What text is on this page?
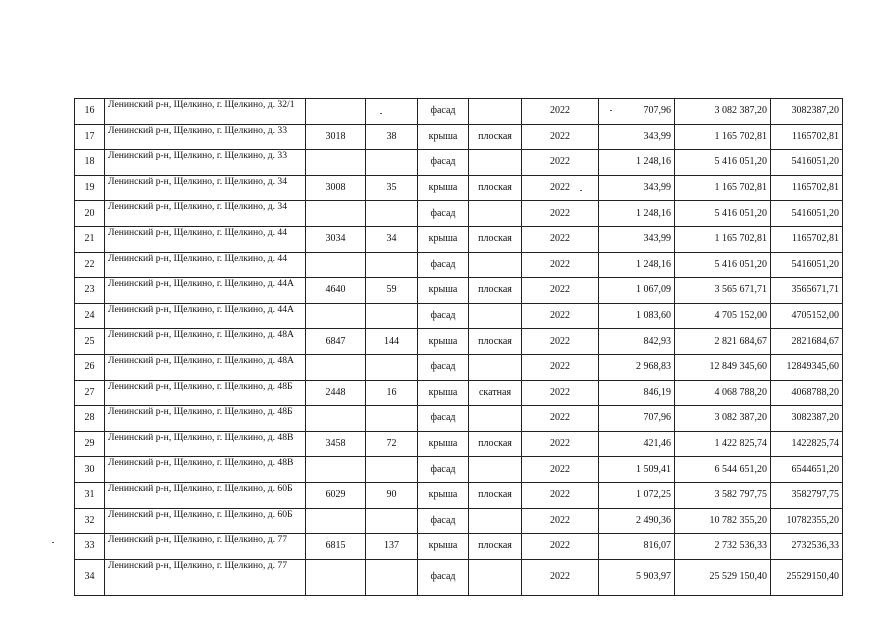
16	Ленинский р-н, Щелкино, г. Щелкино, д. 32/1			фасад		2022	707,96	3 082 387,20	3082387,20
17	Ленинский р-н, Щелкино, г. Щелкино, д. 33	3018	38	крыша	плоская	2022	343,99	1 165 702,81	1165702,81
18	Ленинский р-н, Щелкино, г. Щелкино, д. 33			фасад		2022	1 248,16	5 416 051,20	5416051,20
19	Ленинский р-н, Щелкино, г. Щелкино, д. 34	3008	35	крыша	плоская	2022	343,99	1 165 702,81	1165702,81
20	Ленинский р-н, Щелкино, г. Щелкино, д. 34			фасад		2022	1 248,16	5 416 051,20	5416051,20
21	Ленинский р-н, Щелкино, г. Щелкино, д. 44	3034	34	крыша	плоская	2022	343,99	1 165 702,81	1165702,81
22	Ленинский р-н, Щелкино, г. Щелкино, д. 44			фасад		2022	1 248,16	5 416 051,20	5416051,20
23	Ленинский р-н, Щелкино, г. Щелкино, д. 44А	4640	59	крыша	плоская	2022	1 067,09	3 565 671,71	3565671,71
24	Ленинский р-н, Щелкино, г. Щелкино, д. 44А			фасад		2022	1 083,60	4 705 152,00	4705152,00
25	Ленинский р-н, Щелкино, г. Щелкино, д. 48А	6847	144	крыша	плоская	2022	842,93	2 821 684,67	2821684,67
26	Ленинский р-н, Щелкино, г. Щелкино, д. 48А			фасад		2022	2 968,83	12 849 345,60	12849345,60
27	Ленинский р-н, Щелкино, г. Щелкино, д. 48Б	2448	16	крыша	скатная	2022	846,19	4 068 788,20	4068788,20
28	Ленинский р-н, Щелкино, г. Щелкино, д. 48Б			фасад		2022	707,96	3 082 387,20	3082387,20
29	Ленинский р-н, Щелкино, г. Щелкино, д. 48В	3458	72	крыша	плоская	2022	421,46	1 422 825,74	1422825,74
30	Ленинский р-н, Щелкино, г. Щелкино, д. 48В			фасад		2022	1 509,41	6 544 651,20	6544651,20
31	Ленинский р-н, Щелкино, г. Щелкино, д. 60Б	6029	90	крыша	плоская	2022	1 072,25	3 582 797,75	3582797,75
32	Ленинский р-н, Щелкино, г. Щелкино, д. 60Б			фасад		2022	2 490,36	10 782 355,20	10782355,20
33	Ленинский р-н, Щелкино, г. Щелкино, д. 77	6815	137	крыша	плоская	2022	816,07	2 732 536,33	2732536,33
34	Ленинский р-н, Щелкино, г. Щелкино, д. 77			фасад		2022	5 903,97	25 529 150,40	25529150,40
